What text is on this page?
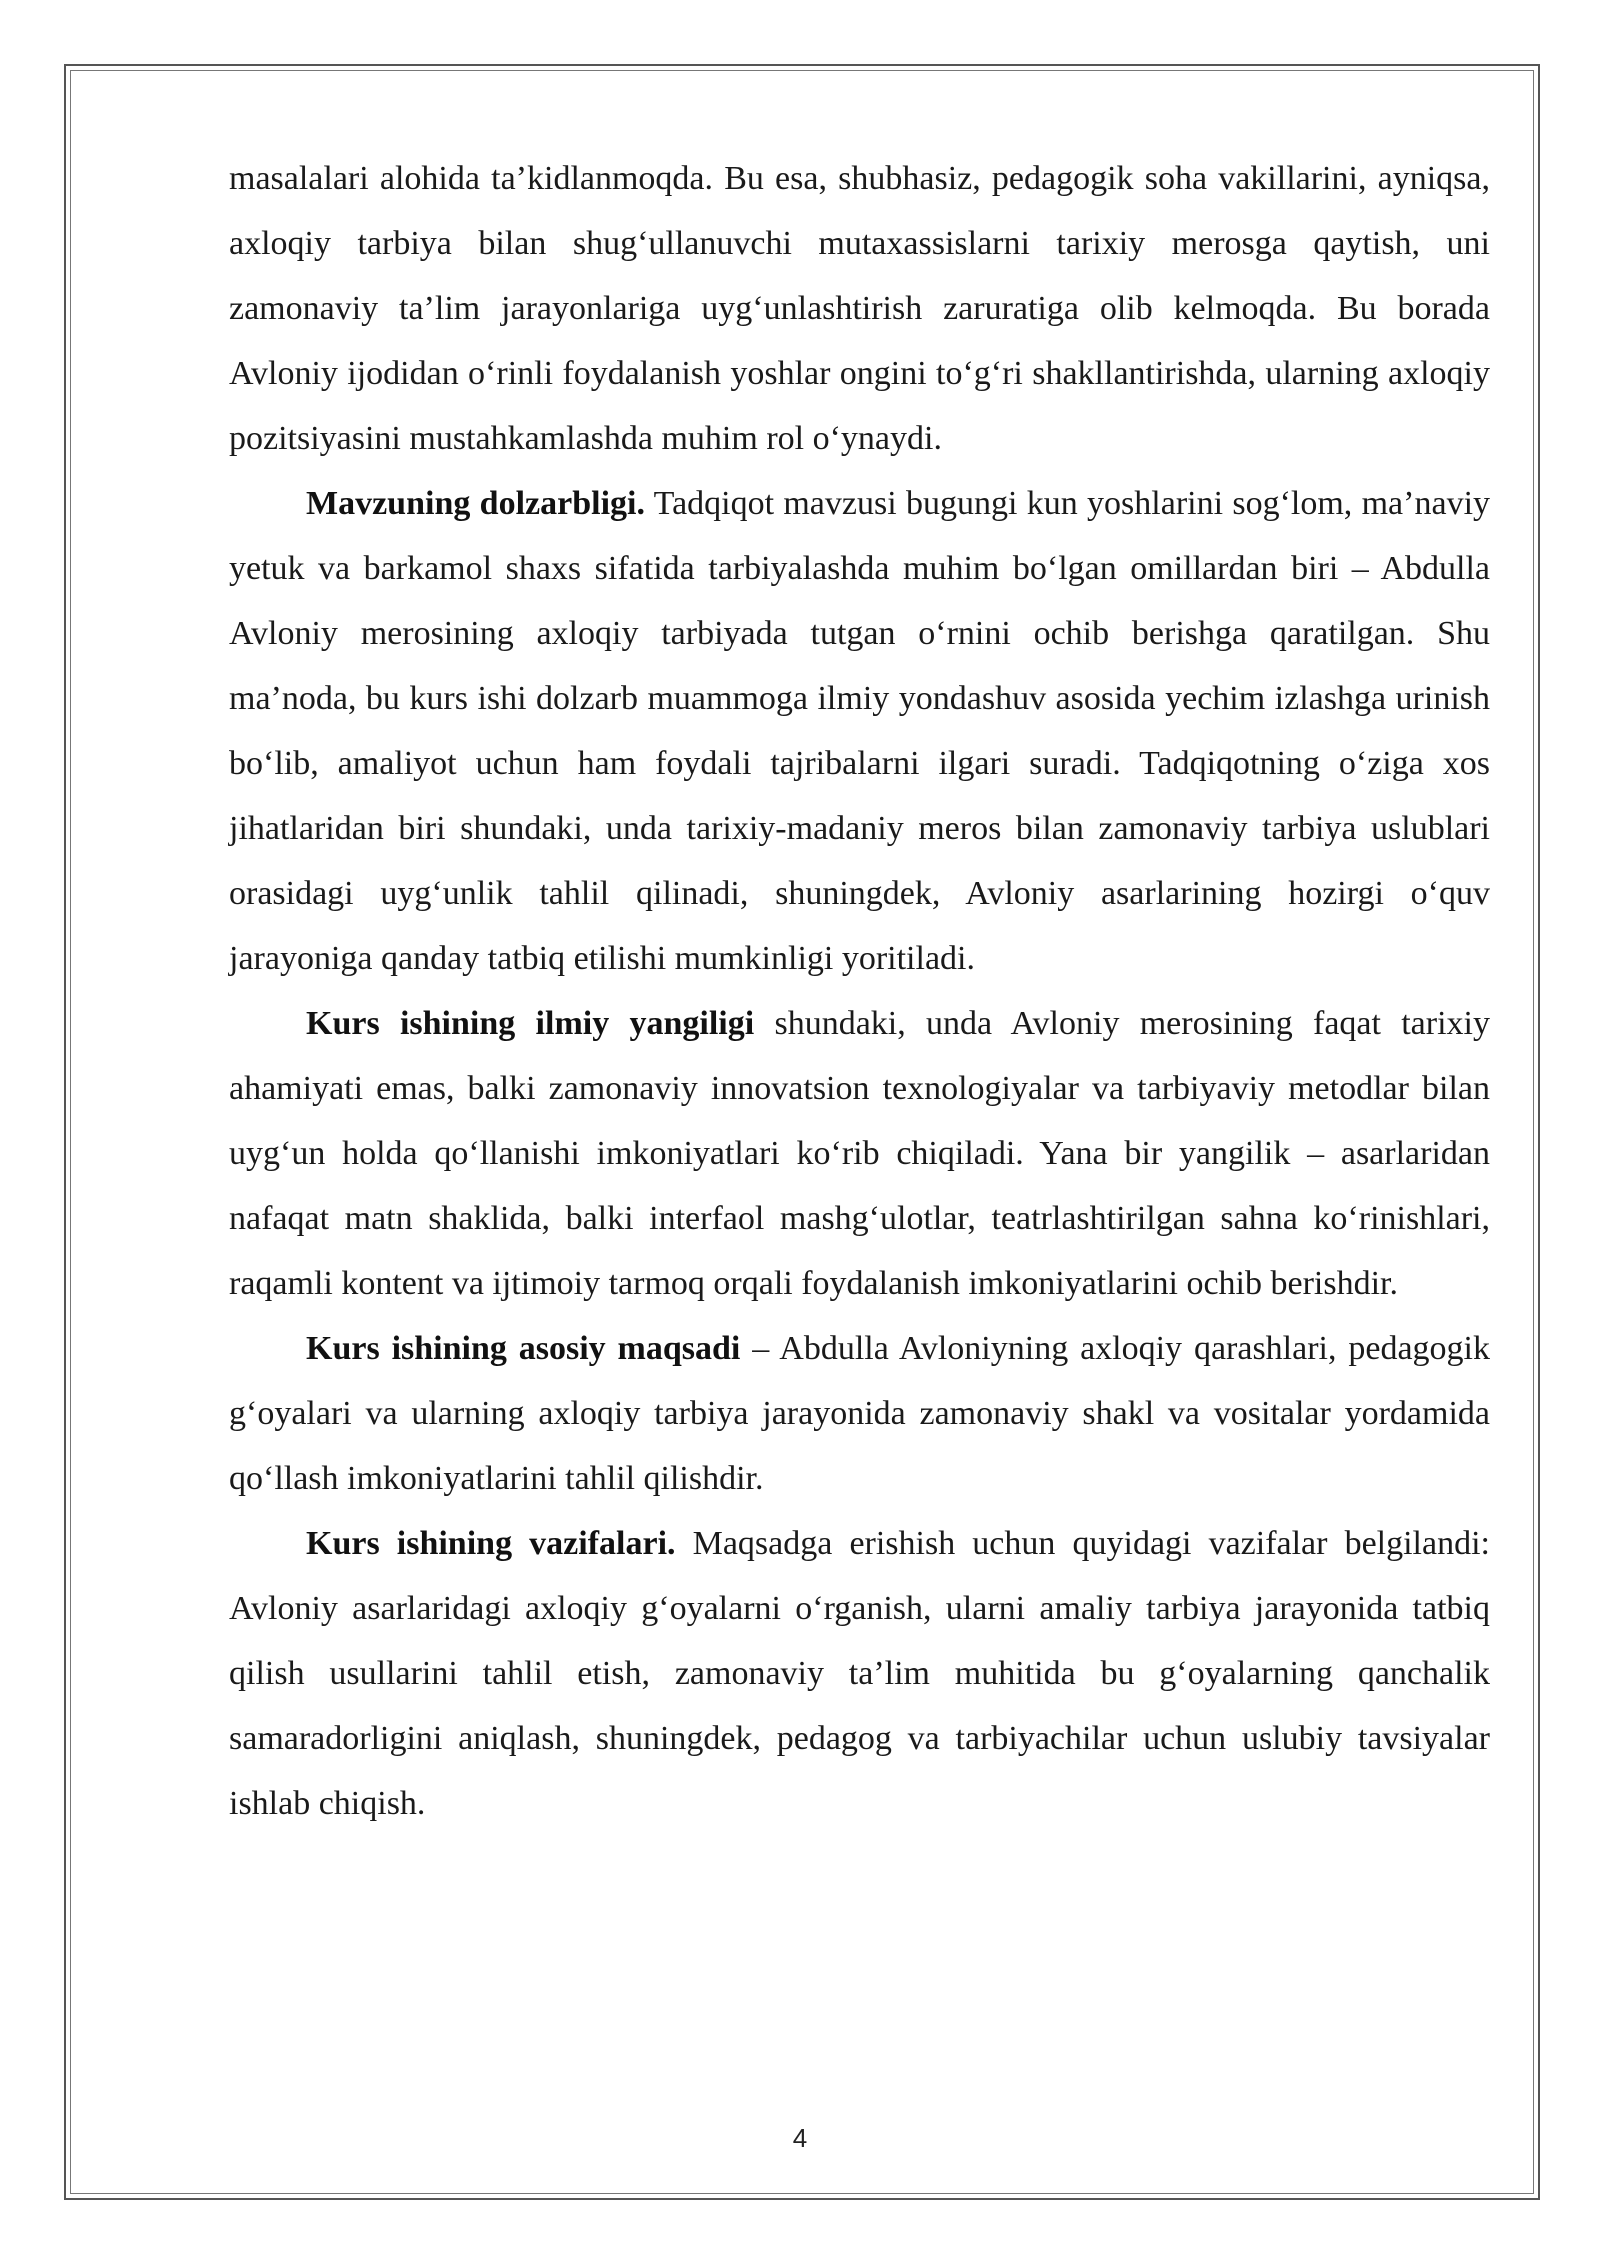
masalalari alohida ta’kidlanmoqda. Bu esa, shubhasiz, pedagogik soha vakillarini, ayniqsa, axloqiy tarbiya bilan shug‘ullanuvchi mutaxassislarni tarixiy merosga qaytish, uni zamonaviy ta’lim jarayonlariga uyg‘unlashtirish zaruratiga olib kelmoqda. Bu borada Avloniy ijodidan o‘rinli foydalanish yoshlar ongini to‘g‘ri shakllantirishda, ularning axloqiy pozitsiyasini mustahkamlashda muhim rol o‘ynaydi.

Mavzuning dolzarbligi. Tadqiqot mavzusi bugungi kun yoshlarini sog‘lom, ma’naviy yetuk va barkamol shaxs sifatida tarbiyalashda muhim bo‘lgan omillardan biri – Abdulla Avloniy merosining axloqiy tarbiyada tutgan o‘rnini ochib berishga qaratilgan. Shu ma’noda, bu kurs ishi dolzarb muammoga ilmiy yondashuv asosida yechim izlashga urinish bo‘lib, amaliyot uchun ham foydali tajribalarni ilgari suradi. Tadqiqotning o‘ziga xos jihatlaridan biri shundaki, unda tarixiy-madaniy meros bilan zamonaviy tarbiya uslublari orasidagi uyg‘unlik tahlil qilinadi, shuningdek, Avloniy asarlarining hozirgi o‘quv jarayoniga qanday tatbiq etilishi mumkinligi yoritiladi.

Kurs ishining ilmiy yangiligi shundaki, unda Avloniy merosining faqat tarixiy ahamiyati emas, balki zamonaviy innovatsion texnologiyalar va tarbiyaviy metodlar bilan uyg‘un holda qo‘llanishi imkoniyatlari ko‘rib chiqiladi. Yana bir yangilik – asarlaridan nafaqat matn shaklida, balki interfaol mashg‘ulotlar, teatrlashtirilgan sahna ko‘rinishlari, raqamli kontent va ijtimoiy tarmoq orqali foydalanish imkoniyatlarini ochib berishdir.

Kurs ishining asosiy maqsadi – Abdulla Avloniyning axloqiy qarashlari, pedagogik g‘oyalari va ularning axloqiy tarbiya jarayonida zamonaviy shakl va vositalar yordamida qo‘llash imkoniyatlarini tahlil qilishdir.

Kurs ishining vazifalari. Maqsadga erishish uchun quyidagi vazifalar belgilandi: Avloniy asarlaridagi axloqiy g‘oyalarni o‘rganish, ularni amaliy tarbiya jarayonida tatbiq qilish usullarini tahlil etish, zamonaviy ta’lim muhitida bu g‘oyalarning qanchalik samaradorligini aniqlash, shuningdek, pedagog va tarbiyachilar uchun uslubiy tavsiyalar ishlab chiqish.

4
